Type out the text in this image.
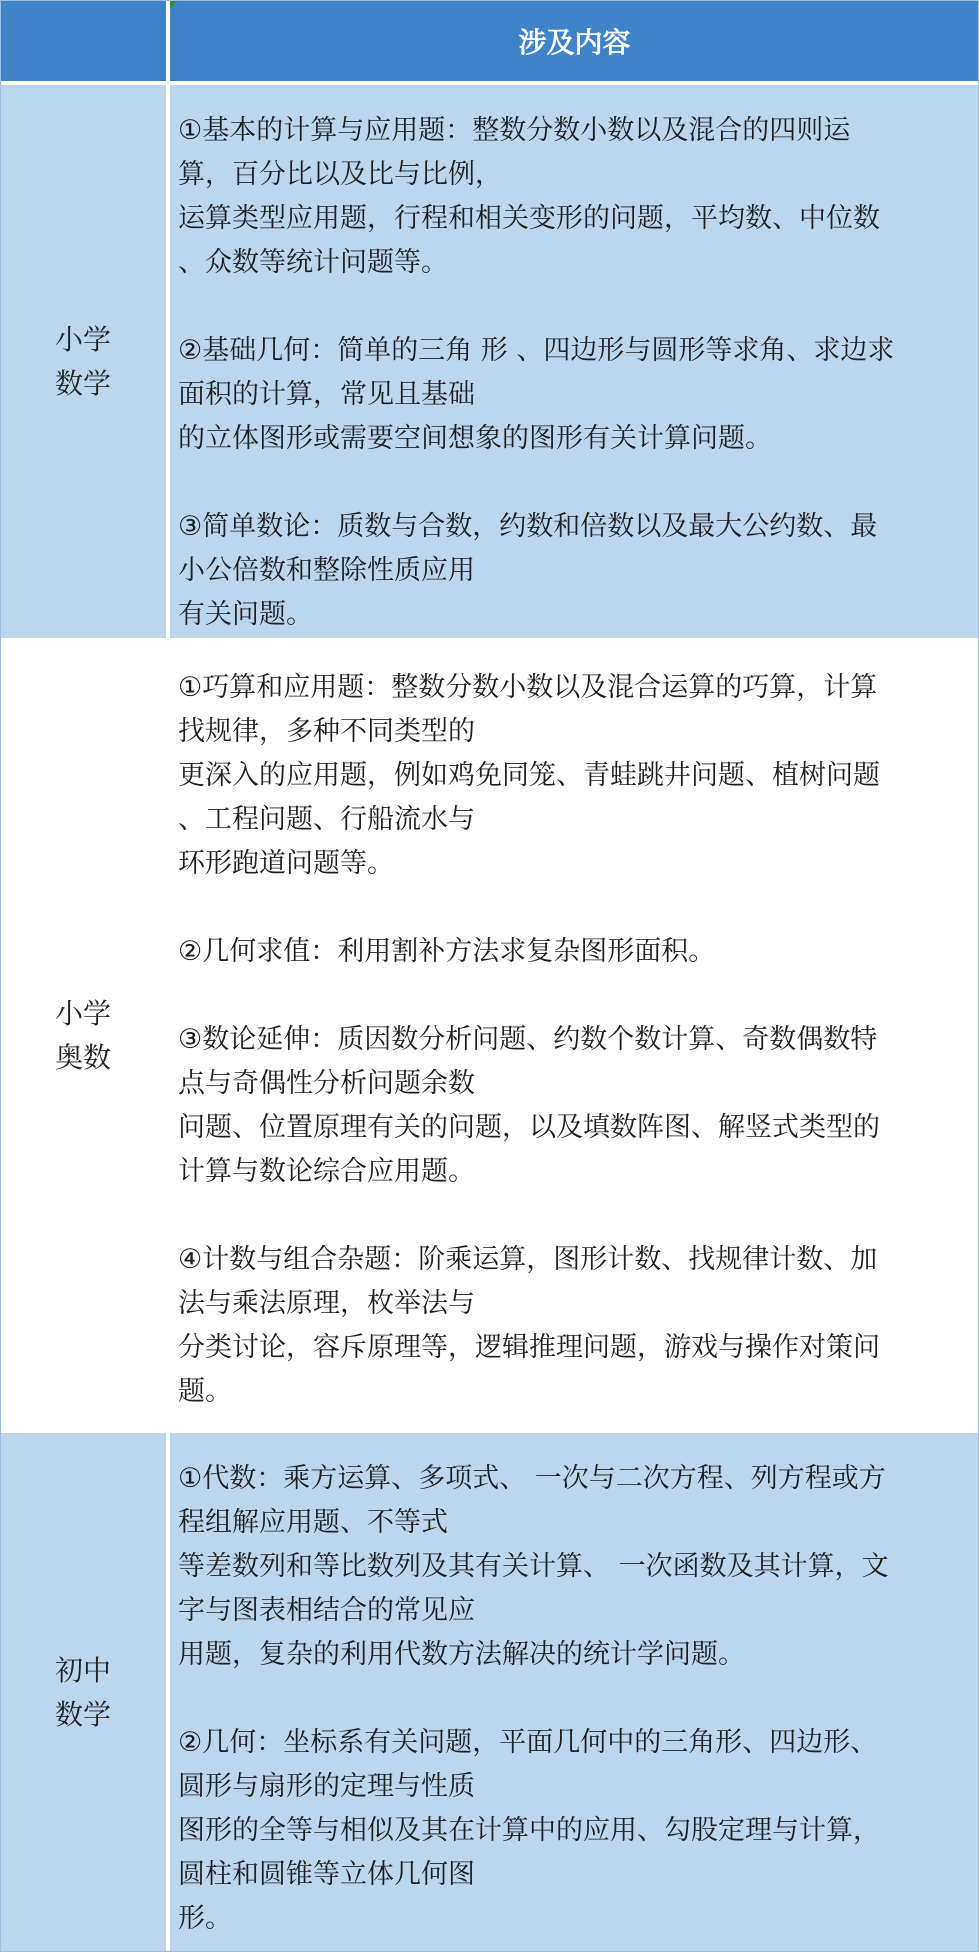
涉及内容
小学
数学
①基本的计算与应用题：整数分数小数以及混合的四则运
算，百分比以及比与比例，
运算类型应用题，行程和相关变形的问题，平均数、中位数
、众数等统计问题等。
②基础几何：简单的三角 形 、四边形与圆形等求角、求边求
面积的计算，常见且基础
的立体图形或需要空间想象的图形有关计算问题。
③简单数论：质数与合数，约数和倍数以及最大公约数、最
小公倍数和整除性质应用
有关问题。
小学
奥数
①巧算和应用题：整数分数小数以及混合运算的巧算，计算
找规律，多种不同类型的
更深入的应用题，例如鸡免同笼、青蛙跳井问题、植树问题
、工程问题、行船流水与
环形跑道问题等。
②几何求值：利用割补方法求复杂图形面积。
③数论延伸：质因数分析问题、约数个数计算、奇数偶数特
点与奇偶性分析问题余数
问题、位置原理有关的问题，以及填数阵图、解竖式类型的
计算与数论综合应用题。
④计数与组合杂题：阶乘运算，图形计数、找规律计数、加
法与乘法原理，枚举法与
分类讨论，容斥原理等，逻辑推理问题，游戏与操作对策问
题。
初中
数学
①代数：乘方运算、多项式、 一次与二次方程、列方程或方
程组解应用题、不等式
等差数列和等比数列及其有关计算、 一次函数及其计算，文
字与图表相结合的常见应
用题，复杂的利用代数方法解决的统计学问题。
②几何：坐标系有关问题，平面几何中的三角形、四边形、
圆形与扇形的定理与性质
图形的全等与相似及其在计算中的应用、勾股定理与计算，
圆柱和圆锥等立体几何图
形。
